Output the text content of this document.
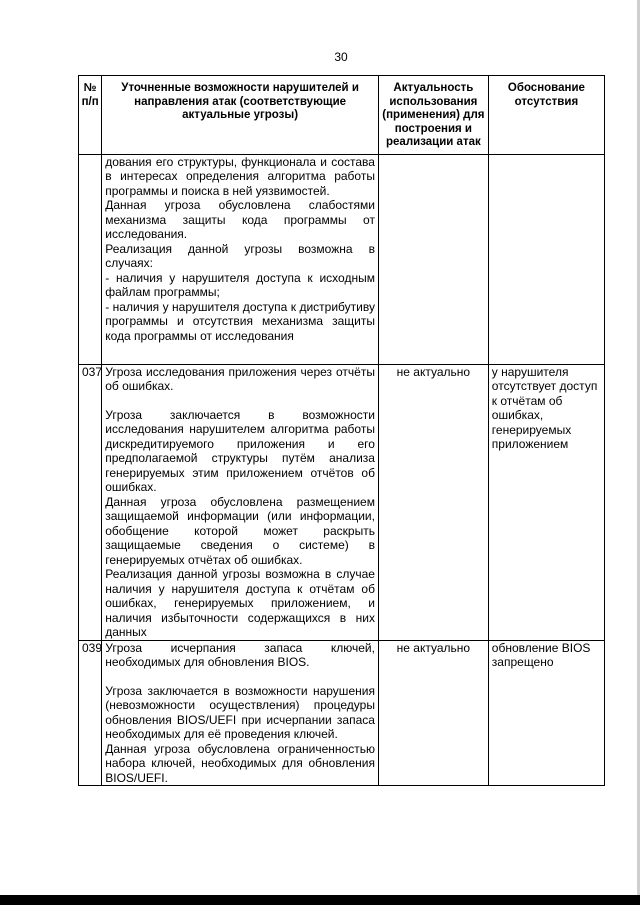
30
№ п/п	Уточненные возможности нарушителей и направления атак (соответствующие актуальные угрозы)	Актуальность использования (применения) для построения и реализации атак	Обоснование отсутствия

	дования его структуры, функционала и состава в интересах определения алгоритма работы программы и поиска в ней уязвимостей.

Данная угроза обусловлена слабостями механизма защиты кода программы от исследования.

Реализация данной угрозы возможна в случаях:

- наличия у нарушителя доступа к исходным файлам программы;

- наличия у нарушителя доступа к дистрибутиву программы и отсутствия механизма защиты кода программы от исследования		

037	Угроза исследования приложения через отчёты об ошибках.

Угроза заключается в возможности исследования нарушителем алгоритма работы дискредитируемого приложения и его предполагаемой структуры путём анализа генерируемых этим приложением отчётов об ошибках.

Данная угроза обусловлена размещением защищаемой информации (или информации, обобщение которой может раскрыть защищаемые сведения о системе) в генерируемых отчётах об ошибках.

Реализация данной угрозы возможна в случае наличия у нарушителя доступа к отчётам об ошибках, генерируемых приложением, и наличия избыточности содержащихся в них данных	не актуально	у нарушителя отсутствует доступ к отчётам об ошибках, генерируемых приложением
039	Угроза исчерпания запаса ключей, необходимых для обновления BIOS.

Угроза заключается в возможности нарушения (невозможности осуществления) процедуры обновления BIOS/UEFI при исчерпании запаса необходимых для её проведения ключей.

Данная угроза обусловлена ограниченностью набора ключей, необходимых для обновления BIOS/UEFI.	не актуально	обновление BIOS запрещено
